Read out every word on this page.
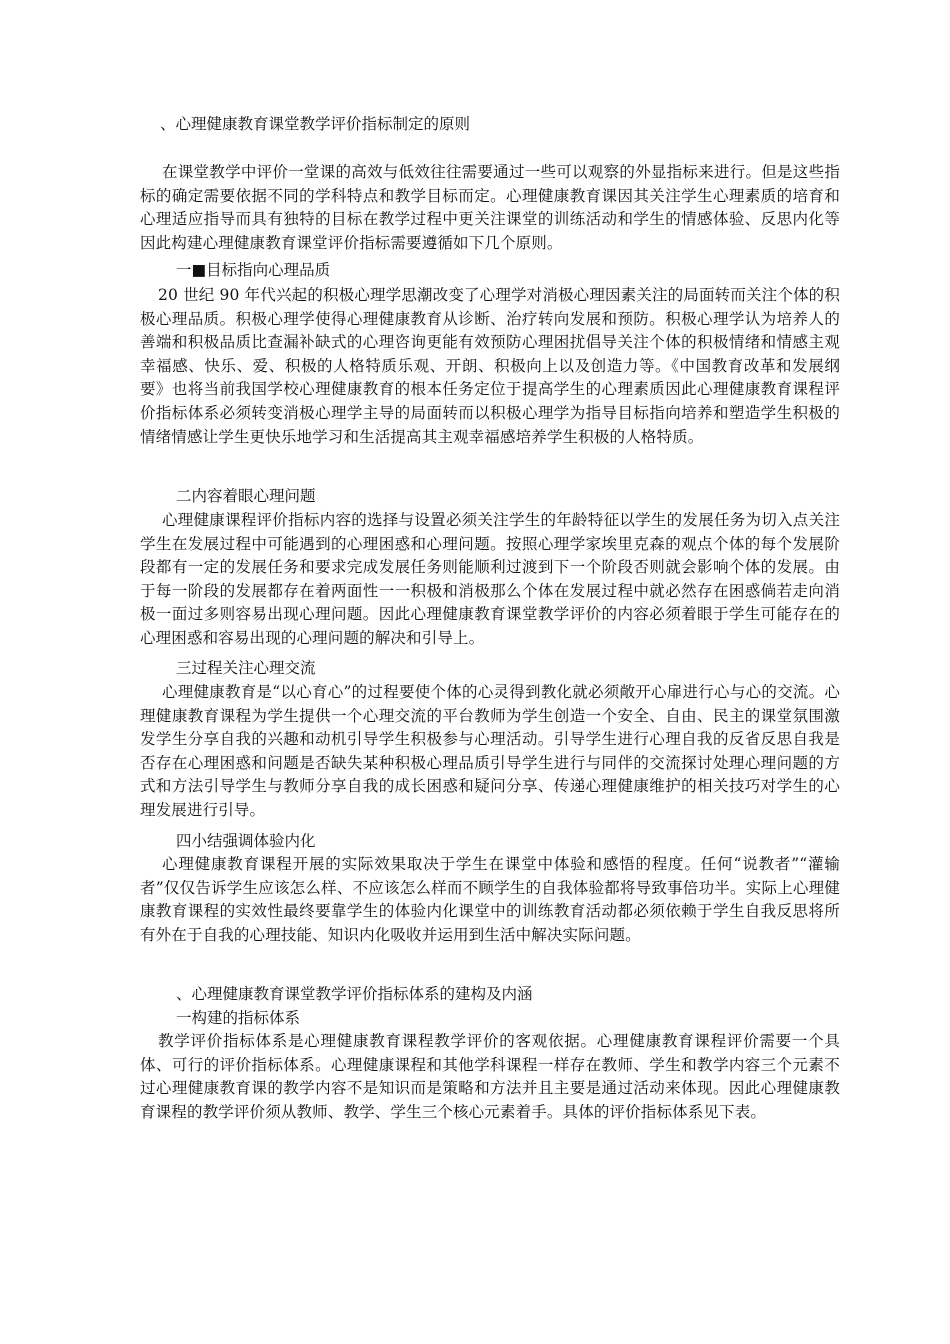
、心理健康教育课堂教学评价指标制定的原则
在课堂教学中评价一堂课的高效与低效往往需要通过一些可以观察的外显指标来进行。但是这些指标的确定需要依据不同的学科特点和教学目标而定。心理健康教育课因其关注学生心理素质的培育和心理适应指导而具有独特的目标在教学过程中更关注课堂的训练活动和学生的情感体验、反思内化等因此构建心理健康教育课堂评价指标需要遵循如下几个原则。
一■目标指向心理品质
20 世纪 90 年代兴起的积极心理学思潮改变了心理学对消极心理因素关注的局面转而关注个体的积极心理品质。积极心理学使得心理健康教育从诊断、治疗转向发展和预防。积极心理学认为培养人的善端和积极品质比查漏补缺式的心理咨询更能有效预防心理困扰倡导关注个体的积极情绪和情感主观幸福感、快乐、爱、积极的人格特质乐观、开朗、积极向上以及创造力等。《中国教育改革和发展纲要》也将当前我国学校心理健康教育的根本任务定位于提高学生的心理素质因此心理健康教育课程评价指标体系必须转变消极心理学主导的局面转而以积极心理学为指导目标指向培养和塑造学生积极的情绪情感让学生更快乐地学习和生活提高其主观幸福感培养学生积极的人格特质。
二内容着眼心理问题
心理健康课程评价指标内容的选择与设置必须关注学生的年龄特征以学生的发展任务为切入点关注学生在发展过程中可能遇到的心理困惑和心理问题。按照心理学家埃里克森的观点个体的每个发展阶段都有一定的发展任务和要求完成发展任务则能顺利过渡到下一个阶段否则就会影响个体的发展。由于每一阶段的发展都存在着两面性一一积极和消极那么个体在发展过程中就必然存在困惑倘若走向消极一面过多则容易出现心理问题。因此心理健康教育课堂教学评价的内容必须着眼于学生可能存在的心理困惑和容易出现的心理问题的解决和引导上。
三过程关注心理交流
心理健康教育是“以心育心”的过程要使个体的心灵得到教化就必须敞开心扉进行心与心的交流。心理健康教育课程为学生提供一个心理交流的平台教师为学生创造一个安全、自由、民主的课堂氛围激发学生分享自我的兴趣和动机引导学生积极参与心理活动。引导学生进行心理自我的反省反思自我是否存在心理困惑和问题是否缺失某种积极心理品质引导学生进行与同伴的交流探讨处理心理问题的方式和方法引导学生与教师分享自我的成长困惑和疑问分享、传递心理健康维护的相关技巧对学生的心理发展进行引导。
四小结强调体验内化
心理健康教育课程开展的实际效果取决于学生在课堂中体验和感悟的程度。任何“说教者”“灌输者”仅仅告诉学生应该怎么样、不应该怎么样而不顾学生的自我体验都将导致事倍功半。实际上心理健康教育课程的实效性最终要靠学生的体验内化课堂中的训练教育活动都必须依赖于学生自我反思将所有外在于自我的心理技能、知识内化吸收并运用到生活中解决实际问题。
、心理健康教育课堂教学评价指标体系的建构及内涵
一构建的指标体系
教学评价指标体系是心理健康教育课程教学评价的客观依据。心理健康教育课程评价需要一个具体、可行的评价指标体系。心理健康课程和其他学科课程一样存在教师、学生和教学内容三个元素不过心理健康教育课的教学内容不是知识而是策略和方法并且主要是通过活动来体现。因此心理健康教育课程的教学评价须从教师、教学、学生三个核心元素着手。具体的评价指标体系见下表。
